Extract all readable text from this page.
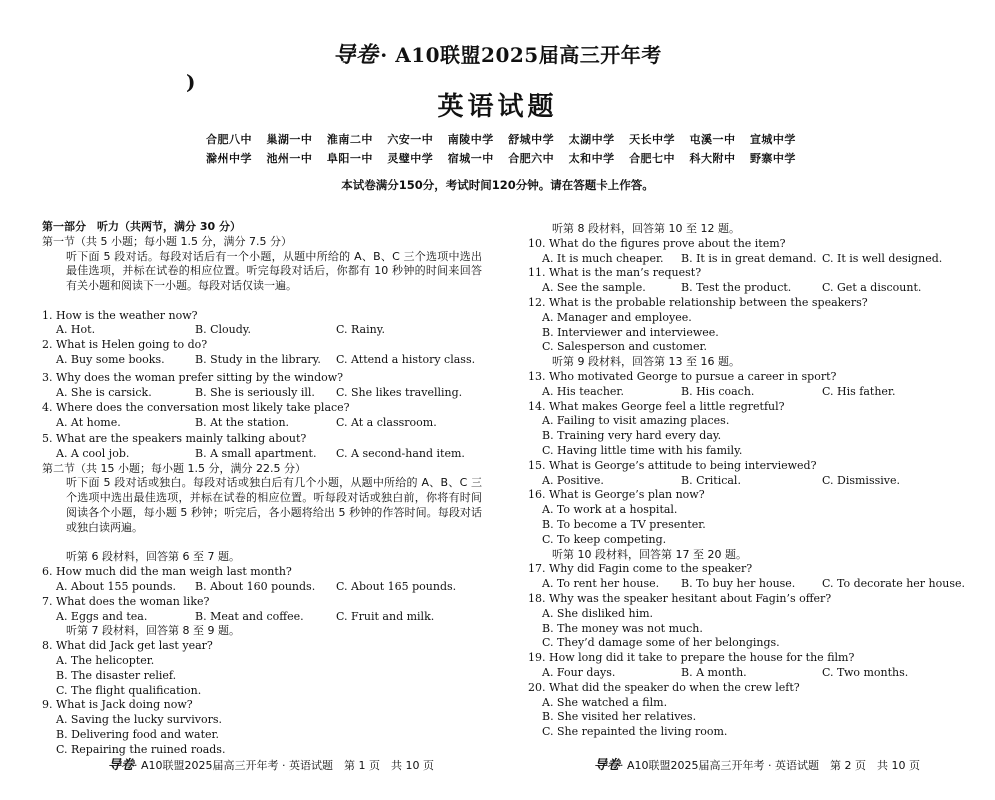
)
导卷 · A10联盟2025届高三开年考
英语试题
合肥八中 巢湖一中 淮南二中 六安一中 南陵中学 舒城中学 太湖中学 天长中学 屯溪一中 宣城中学
滁州中学 池州一中 阜阳一中 灵璧中学 宿城一中 合肥六中 太和中学 合肥七中 科大附中 野寨中学
本试卷满分150分，考试时间120分钟。请在答题卡上作答。
第一部分　听力（共两节，满分 30 分）
第一节（共 5 小题；每小题 1.5 分，满分 7.5 分）
听下面 5 段对话。每段对话后有一个小题，从题中所给的 A、B、C 三个选项中选出最佳选项，并标在试卷的相应位置。听完每段对话后，你都有 10 秒钟的时间来回答有关小题和阅读下一小题。每段对话仅读一遍。
1. How is the weather now?
A. Hot.	B. Cloudy.	C. Rainy.
2. What is Helen going to do?
A. Buy some books.	B. Study in the library.	C. Attend a history class.
3. Why does the woman prefer sitting by the window?
A. She is carsick.	B. She is seriously ill.	C. She likes travelling.
4. Where does the conversation most likely take place?
A. At home.	B. At the station.	C. At a classroom.
5. What are the speakers mainly talking about?
A. A cool job.	B. A small apartment.	C. A second-hand item.
第二节（共 15 小题；每小题 1.5 分，满分 22.5 分）
听下面 5 段对话或独白。每段对话或独白后有几个小题，从题中所给的 A、B、C 三个选项中选出最佳选项，并标在试卷的相应位置。听每段对话或独白前，你将有时间阅读各个小题，每小题 5 秒钟；听完后，各小题将给出 5 秒钟的作答时间。每段对话或独白读两遍。
听第 6 段材料，回答第 6 至 7 题。
6. How much did the man weigh last month?
A. About 155 pounds.	B. About 160 pounds.	C. About 165 pounds.
7. What does the woman like?
A. Eggs and tea.	B. Meat and coffee.	C. Fruit and milk.
听第 7 段材料，回答第 8 至 9 题。
8. What did Jack get last year?
A. The helicopter.
B. The disaster relief.
C. The flight qualification.
9. What is Jack doing now?
A. Saving the lucky survivors.
B. Delivering food and water.
C. Repairing the ruined roads.
听第 8 段材料，回答第 10 至 12 题。
10. What do the figures prove about the item?
A. It is much cheaper.	B. It is in great demand. C. It is well designed.
11. What is the man’s request?
A. See the sample.	B. Test the product.	C. Get a discount.
12. What is the probable relationship between the speakers?
A. Manager and employee.
B. Interviewer and interviewee.
C. Salesperson and customer.
听第 9 段材料，回答第 13 至 16 题。
13. Who motivated George to pursue a career in sport?
A. His teacher.	B. His coach.	C. His father.
14. What makes George feel a little regretful?
A. Failing to visit amazing places.
B. Training very hard every day.
C. Having little time with his family.
15. What is George’s attitude to being interviewed?
A. Positive.	B. Critical.	C. Dismissive.
16. What is George’s plan now?
A. To work at a hospital.
B. To become a TV presenter.
C. To keep competing.
听第 10 段材料，回答第 17 至 20 题。
17. Why did Fagin come to the speaker?
A. To rent her house.	B. To buy her house.	C. To decorate her house.
18. Why was the speaker hesitant about Fagin’s offer?
A. She disliked him.
B. The money was not much.
C. They’d damage some of her belongings.
19. How long did it take to prepare the house for the film?
A. Four days.	B. A month.	C. Two months.
20. What did the speaker do when the crew left?
A. She watched a film.
B. She visited her relatives.
C. She repainted the living room.
导卷· A10联盟2025届高三开年考 · 英语试题　第 1 页　共 10 页	导卷· A10联盟2025届高三开年考 · 英语试题　第 2 页　共 10 页
